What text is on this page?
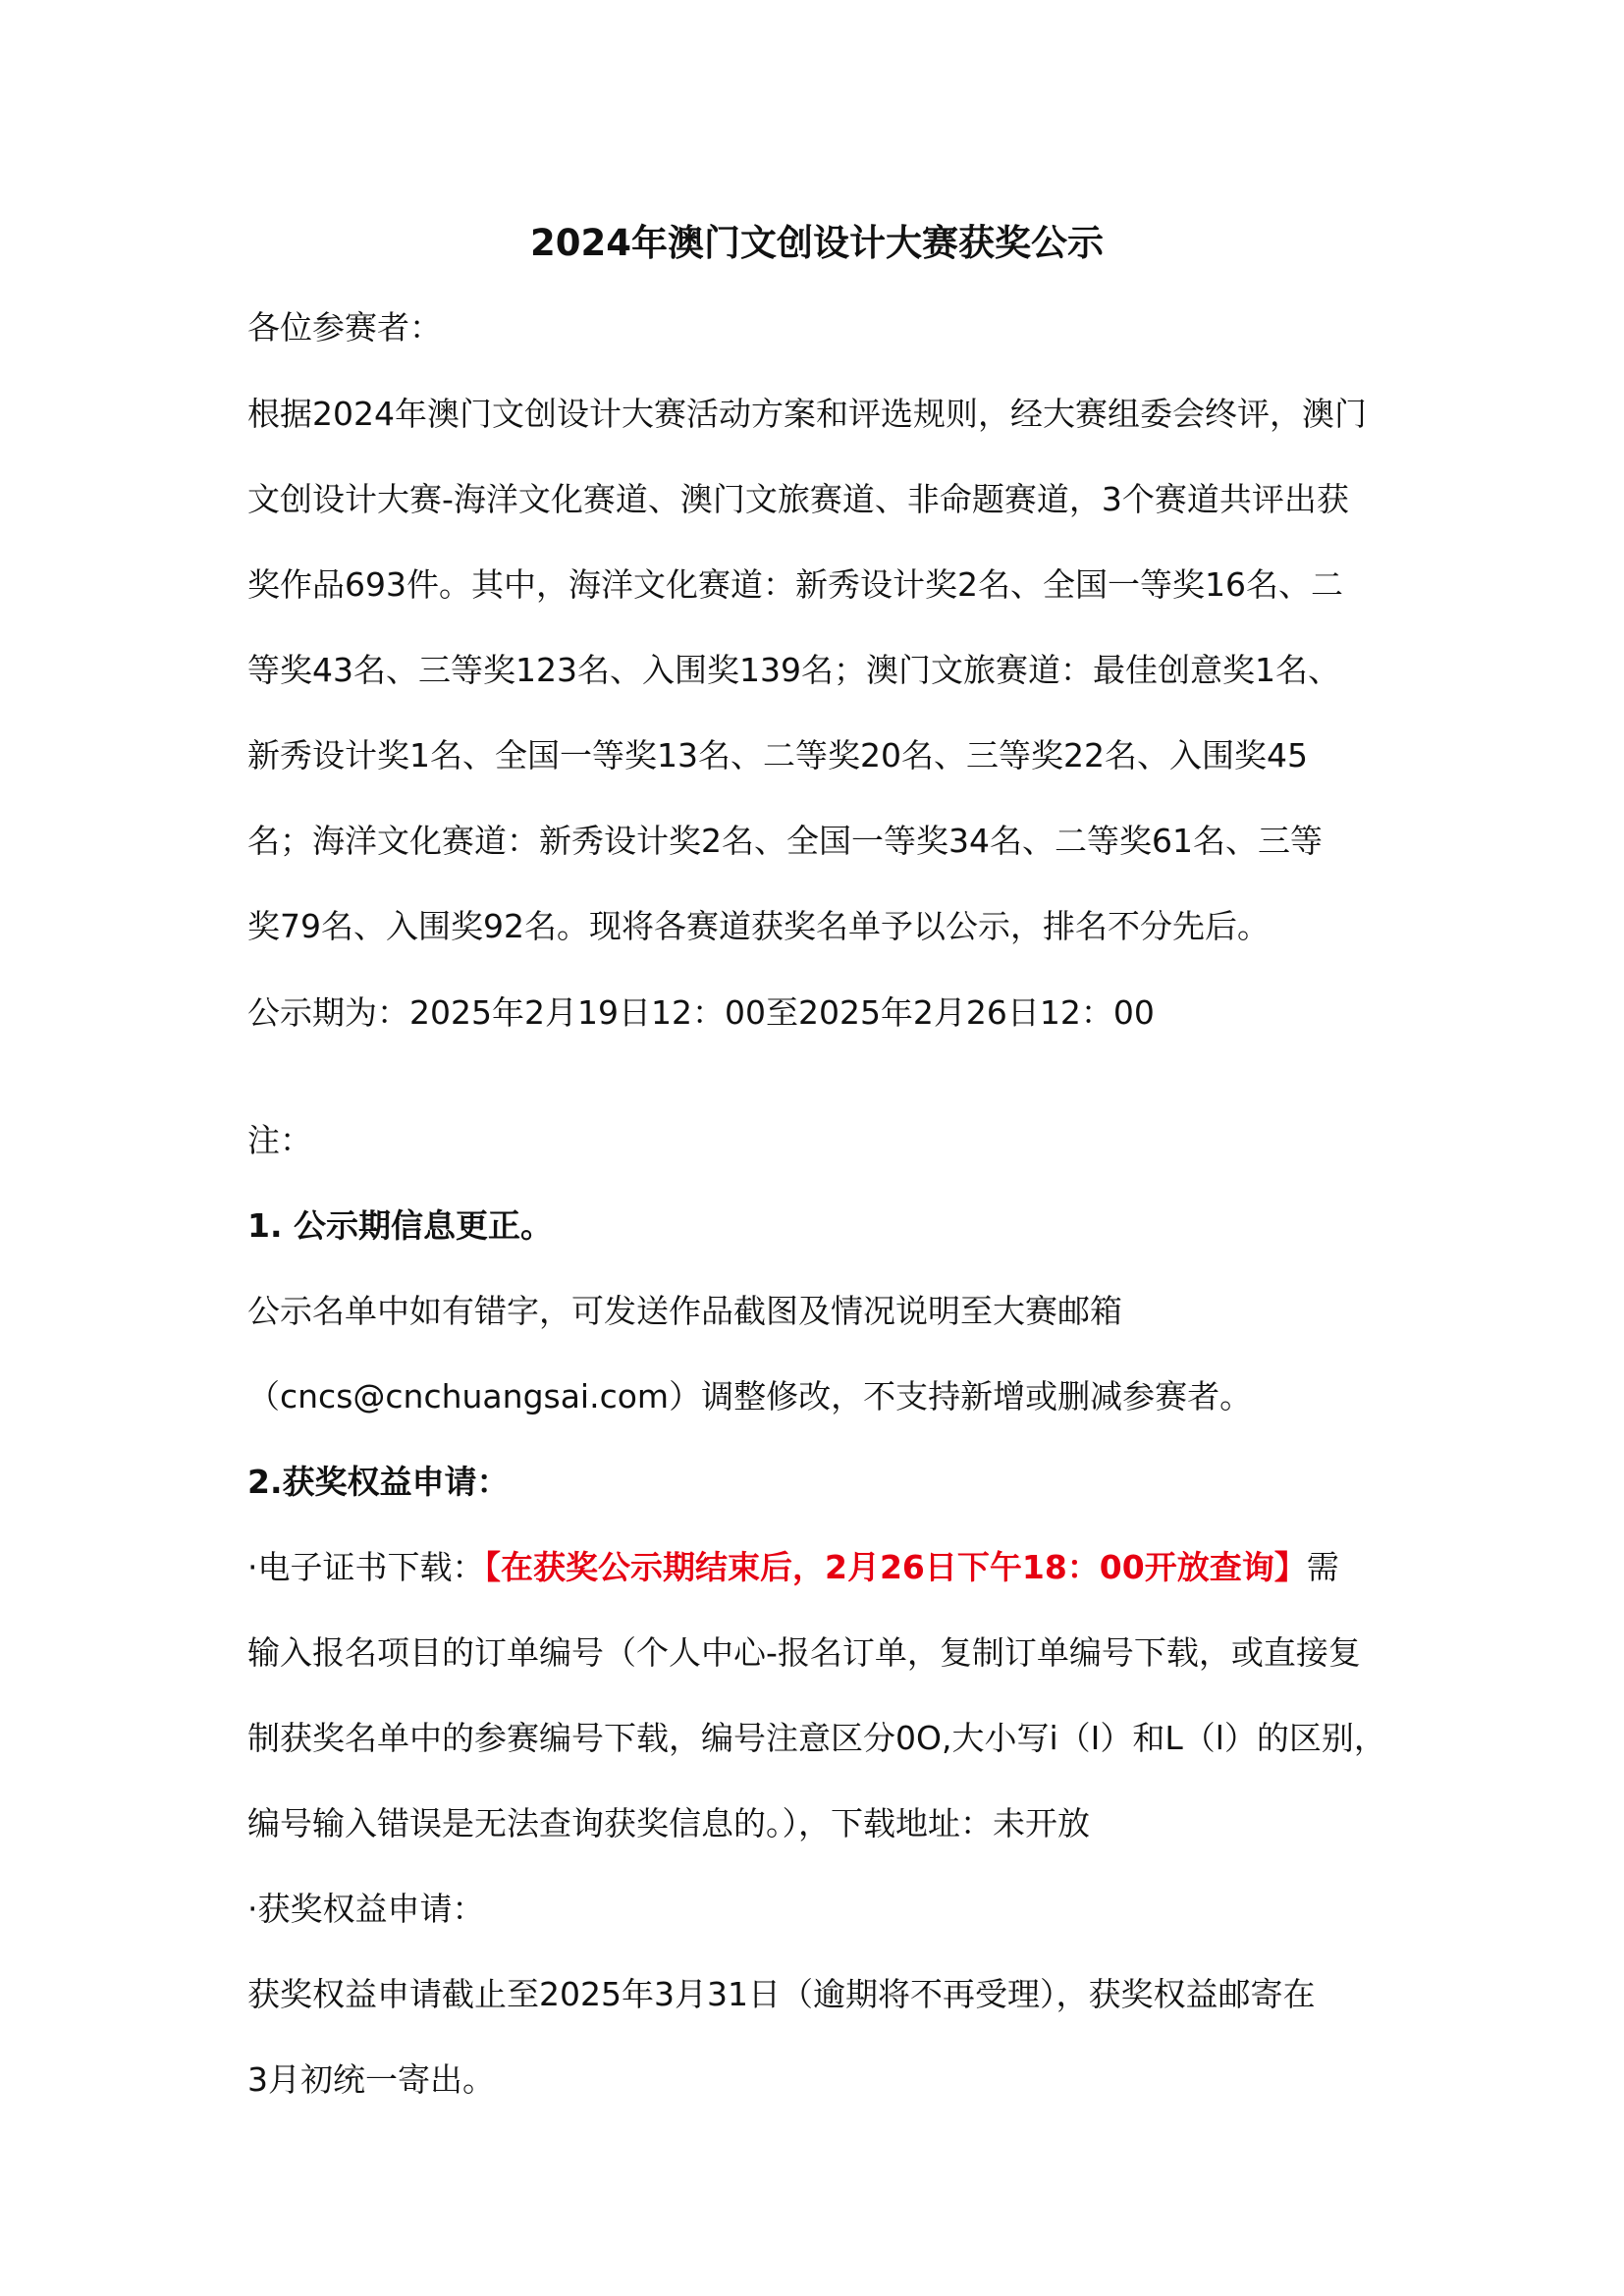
2024年澳门文创设计大赛获奖公示
各位参赛者：
根据2024年澳门文创设计大赛活动方案和评选规则，经大赛组委会终评，澳门
文创设计大赛-海洋文化赛道、澳门文旅赛道、非命题赛道，3个赛道共评出获
奖作品693件。其中，海洋文化赛道：新秀设计奖2名、全国一等奖16名、二
等奖43名、三等奖123名、入围奖139名；澳门文旅赛道：最佳创意奖1名、
新秀设计奖1名、全国一等奖13名、二等奖20名、三等奖22名、入围奖45
名；海洋文化赛道：新秀设计奖2名、全国一等奖34名、二等奖61名、三等
奖79名、入围奖92名。现将各赛道获奖名单予以公示，排名不分先后。
公示期为：2025年2月19日12：00至2025年2月26日12：00
注：
1. 公示期信息更正。
公示名单中如有错字，可发送作品截图及情况说明至大赛邮箱
（cncs@cnchuangsai.com）调整修改，不支持新增或删减参赛者。
2.获奖权益申请：
·电子证书下载：【在获奖公示期结束后，2月26日下午18：00开放查询】需
输入报名项目的订单编号（个人中心-报名订单，复制订单编号下载，或直接复
制获奖名单中的参赛编号下载，编号注意区分0O,大小写i（I）和L（l）的区别，
编号输入错误是无法查询获奖信息的。），下载地址：未开放
·获奖权益申请：
获奖权益申请截止至2025年3月31日（逾期将不再受理），获奖权益邮寄在
3月初统一寄出。
